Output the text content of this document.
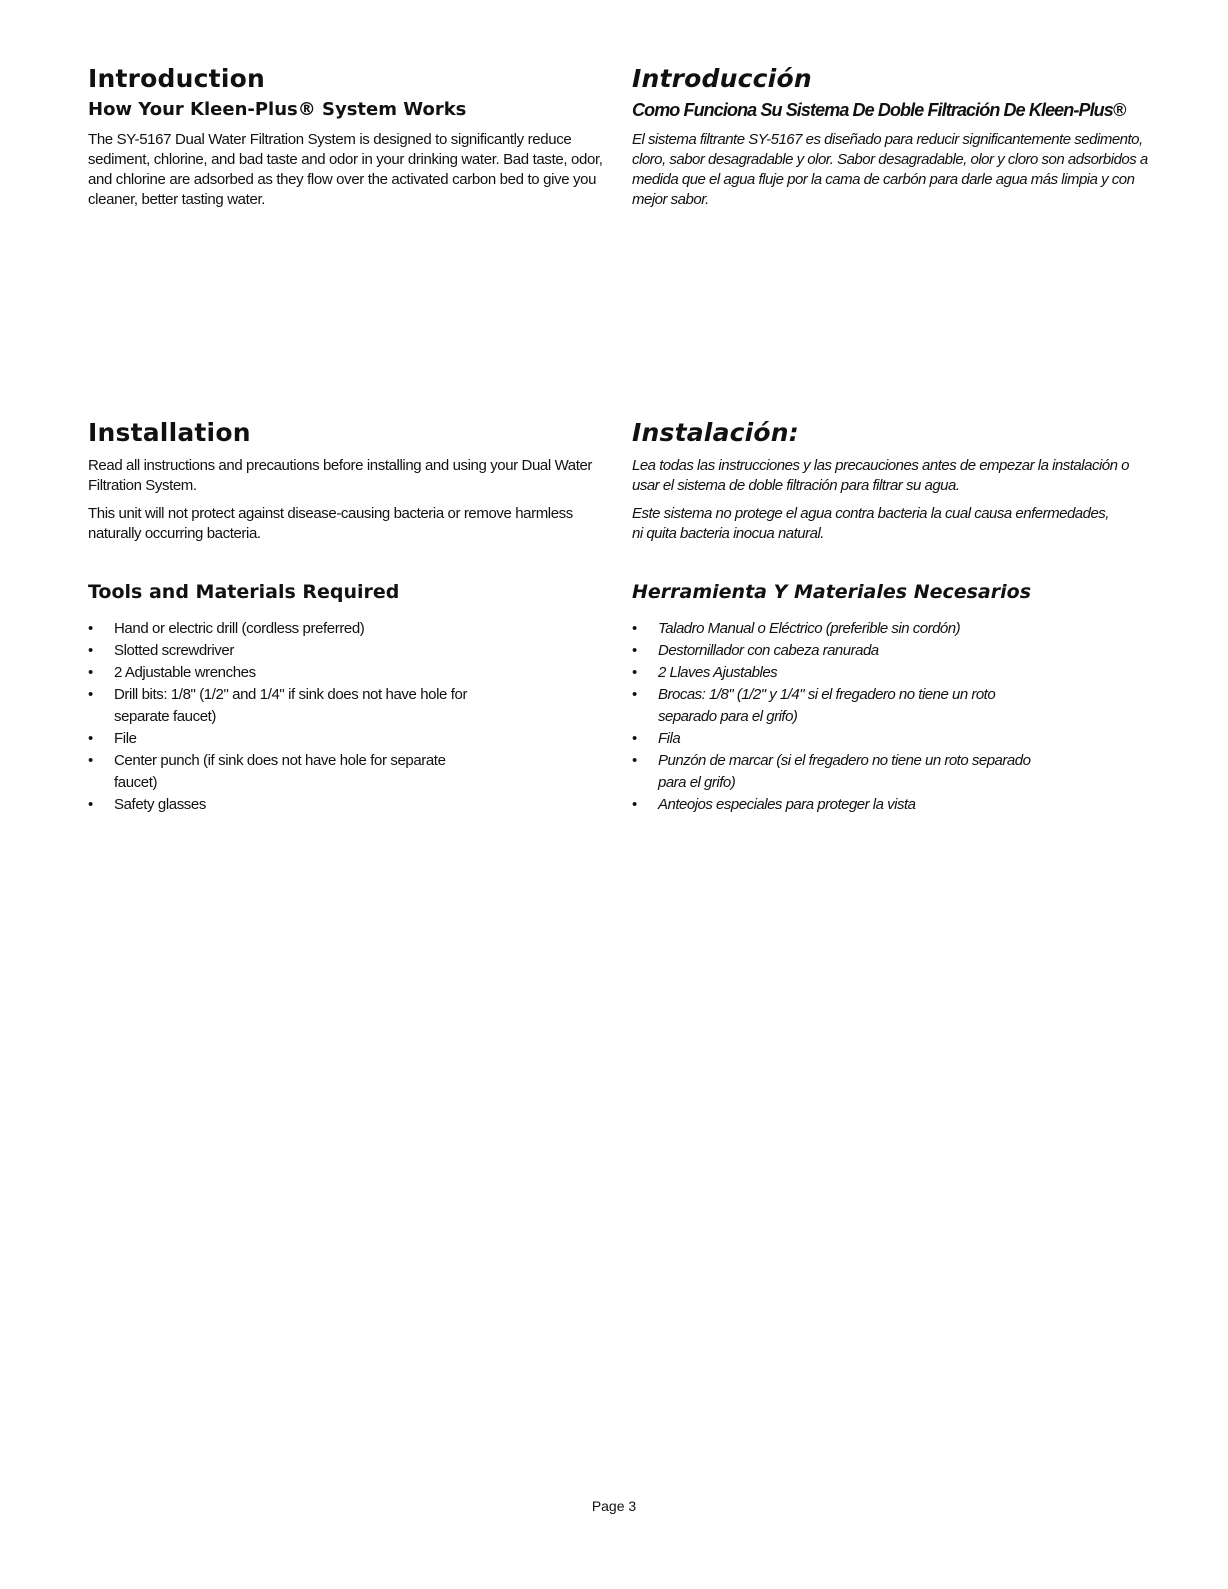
Introduction
How Your Kleen-Plus® System Works

The SY-5167 Dual Water Filtration System is designed to significantly reduce sediment, chlorine, and bad taste and odor in your drinking water. Bad taste, odor, and chlorine are adsorbed as they flow over the activated carbon bed to give you cleaner, better tasting water.

Introducción
Como Funciona Su Sistema De Doble Filtración De Kleen-Plus®

El sistema filtrante SY-5167 es diseñado para reducir significantemente sedimento, cloro, sabor desagradable y olor. Sabor desagradable, olor y cloro son adsorbidos a medida que el agua fluje por la cama de carbón para darle agua más limpia y con mejor sabor.

Installation

Read all instructions and precautions before installing and using your Dual Water Filtration System.

This unit will not protect against disease-causing bacteria or remove harmless naturally occurring bacteria.

Instalación:

Lea todas las instrucciones y las precauciones antes de empezar la instalación o usar el sistema de doble filtración para filtrar su agua.

Este sistema no protege el agua contra bacteria la cual causa enfermedades, ni quita bacteria inocua natural.

Tools and Materials Required
• Hand or electric drill (cordless preferred)
• Slotted screwdriver
• 2 Adjustable wrenches
• Drill bits: 1/8" (1/2" and 1/4" if sink does not have hole for separate faucet)
• File
• Center punch (if sink does not have hole for separate faucet)
• Safety glasses
Herramienta Y Materiales Necesarios
• Taladro Manual o Eléctrico (preferible sin cordón)
• Destornillador con cabeza ranurada
• 2 Llaves Ajustables
• Brocas: 1/8" (1/2" y 1/4" si el fregadero no tiene un roto separado para el grifo)
• Fila
• Punzón de marcar (si el fregadero no tiene un roto separado para el grifo)
• Anteojos especiales para proteger la vista
Page 3
